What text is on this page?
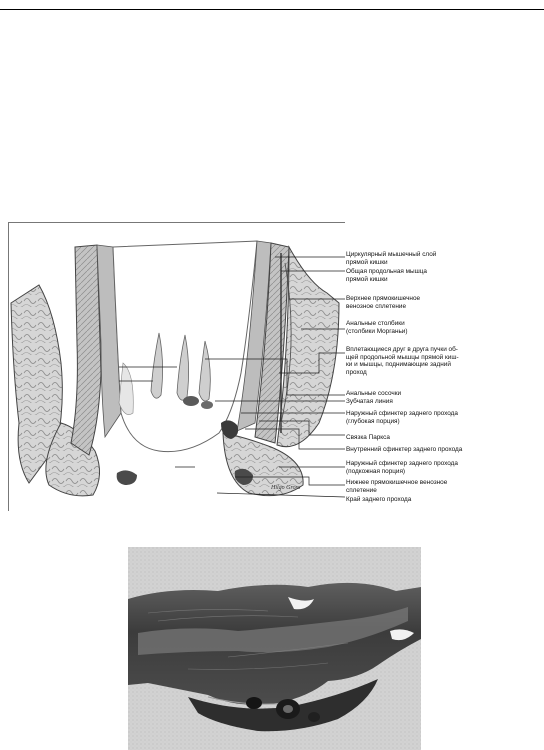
Hilgo Gross
Циркулярный мышечный слой
прямой кишки
Общая продольная мышца
прямой кишки
Верхнее прямокишечное
венозное сплетение
Анальные столбики
(столбики Морганьи)
Вплетающиеся друг в друга пучки об-
щей продольной мышцы прямой киш-
ки и мышцы, поднимающие задний
проход
Анальные сосочки
Зубчатая линия
Наружный сфинктер заднего прохода
(глубокая порция)
Связка Паркса
Внутренний сфинктер заднего прохода
Наружный сфинктер заднего прохода
(подкожная порция)
Нижнее прямокишечное венозное
сплетение
Край заднего прохода
